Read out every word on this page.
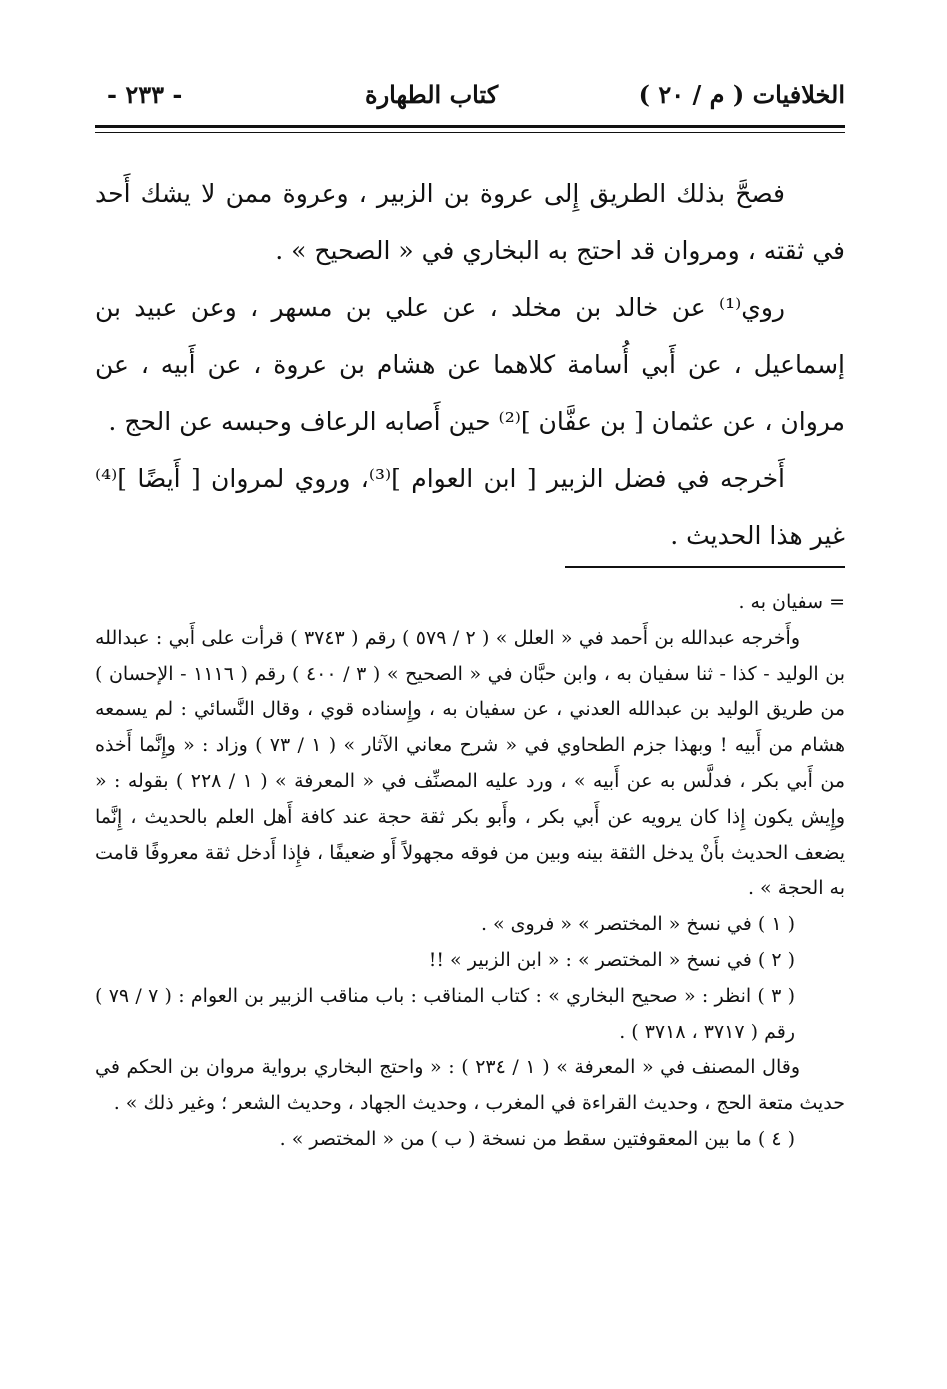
الخلافيات ( م / ٢٠ )
كتاب الطهارة
- ٢٣٣ -

فصحَّ بذلك الطريق إِلى عروة بن الزبير ، وعروة ممن لا يشك أَحد في ثقته ، ومروان قد احتج به البخاري في « الصحيح » .

روي⁽¹⁾ عن خالد بن مخلد ، عن علي بن مسهر ، وعن عبيد بن إسماعيل ، عن أَبي أُسامة كلاهما عن هشام بن عروة ، عن أَبيه ، عن مروان ، عن عثمان [ بن عفَّان ]⁽²⁾ حين أَصابه الرعاف وحبسه عن الحج .

أَخرجه في فضل الزبير [ ابن العوام ]⁽³⁾، وروي لمروان [ أَيضًا ]⁽⁴⁾ غير هذا الحديث .

= سفيان به .

وأَخرجه عبدالله بن أَحمد في « العلل » ( ٢ / ٥٧٩ ) رقم ( ٣٧٤٣ ) قرأت على أَبي : عبدالله بن الوليد - كذا - ثنا سفيان به ، وابن حبَّان في « الصحيح » ( ٣ / ٤٠٠ ) رقم ( ١١١٦ - الإحسان ) من طريق الوليد بن عبدالله العدني ، عن سفيان به ، وإِسناده قوي ، وقال النَّسائي : لم يسمعه هشام من أَبيه ! وبهذا جزم الطحاوي في « شرح معاني الآثار » ( ١ / ٧٣ ) وزاد : « وإِنَّما أَخذه من أَبي بكر ، فدلَّس به عن أَبيه » ، ورد عليه المصنِّف في « المعرفة » ( ١ / ٢٢٨ ) بقوله : « وإِيش يكون إِذا كان يرويه عن أَبي بكر ، وأَبو بكر ثقة حجة عند كافة أَهل العلم بالحديث ، إِنَّما يضعف الحديث بأَنْ يدخل الثقة بينه وبين من فوقه مجهولاً أَو ضعيفًا ، فإِذا أَدخل ثقة معروفًا قامت به الحجة » .

( ١ ) في نسخ « المختصر » « فروى » .

( ٢ ) في نسخ « المختصر » : « ابن الزبير » !!

( ٣ ) انظر : « صحيح البخاري » : كتاب المناقب : باب مناقب الزبير بن العوام : ( ٧ / ٧٩ ) رقم ( ٣٧١٧ ، ٣٧١٨ ) .

وقال المصنف في « المعرفة » ( ١ / ٢٣٤ ) : « واحتج البخاري برواية مروان بن الحكم في حديث متعة الحج ، وحديث القراءة في المغرب ، وحديث الجهاد ، وحديث الشعر ؛ وغير ذلك » .

( ٤ ) ما بين المعقوفتين سقط من نسخة ( ب ) من « المختصر » .
